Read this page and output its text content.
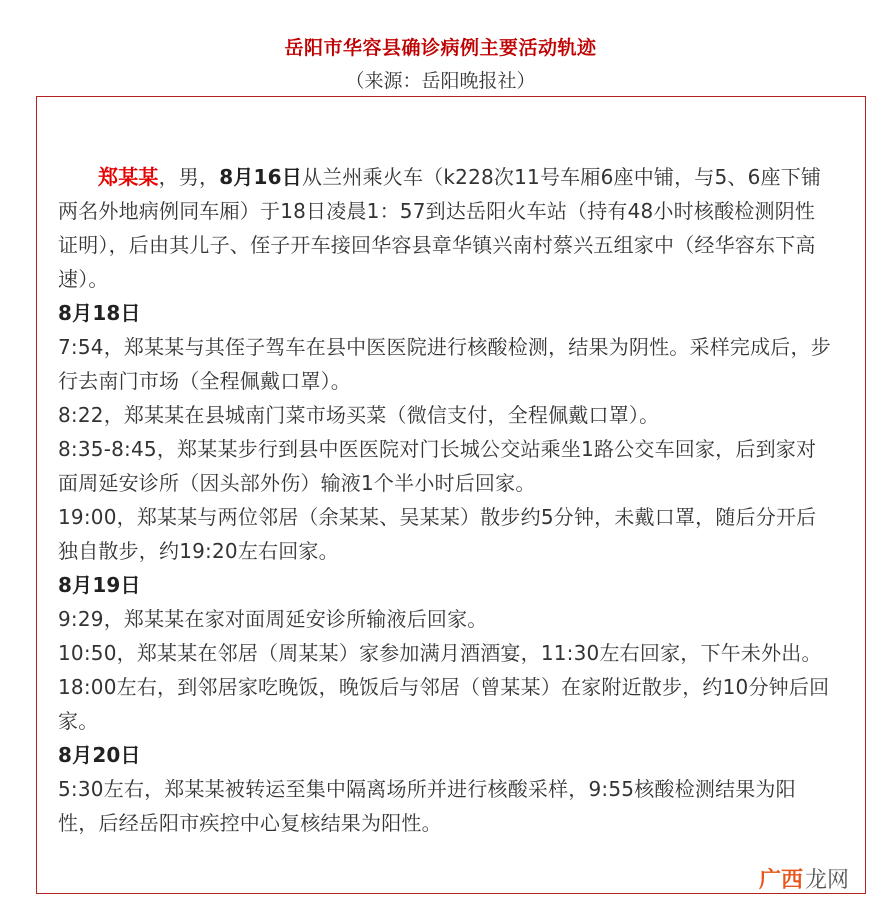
岳阳市华容县确诊病例主要活动轨迹
（来源：岳阳晚报社）

郑某某，男，8月16日从兰州乘火车（k228次11号车厢6座中铺，与5、6座下铺两名外地病例同车厢）于18日凌晨1：57到达岳阳火车站（持有48小时核酸检测阴性证明），后由其儿子、侄子开车接回华容县章华镇兴南村蔡兴五组家中（经华容东下高速）。

8月18日

7:54，郑某某与其侄子驾车在县中医医院进行核酸检测，结果为阴性。采样完成后，步行去南门市场（全程佩戴口罩）。

8:22，郑某某在县城南门菜市场买菜（微信支付，全程佩戴口罩）。

8:35-8:45，郑某某步行到县中医医院对门长城公交站乘坐1路公交车回家，后到家对面周延安诊所（因头部外伤）输液1个半小时后回家。

19:00，郑某某与两位邻居（余某某、吴某某）散步约5分钟，未戴口罩，随后分开后独自散步，约19:20左右回家。

8月19日

9:29，郑某某在家对面周延安诊所输液后回家。

10:50，郑某某在邻居（周某某）家参加满月酒酒宴，11:30左右回家，下午未外出。18:00左右，到邻居家吃晚饭，晚饭后与邻居（曾某某）在家附近散步，约10分钟后回家。

8月20日

5:30左右，郑某某被转运至集中隔离场所并进行核酸采样，9:55核酸检测结果为阳性，后经岳阳市疾控中心复核结果为阳性。

广西 龙网
